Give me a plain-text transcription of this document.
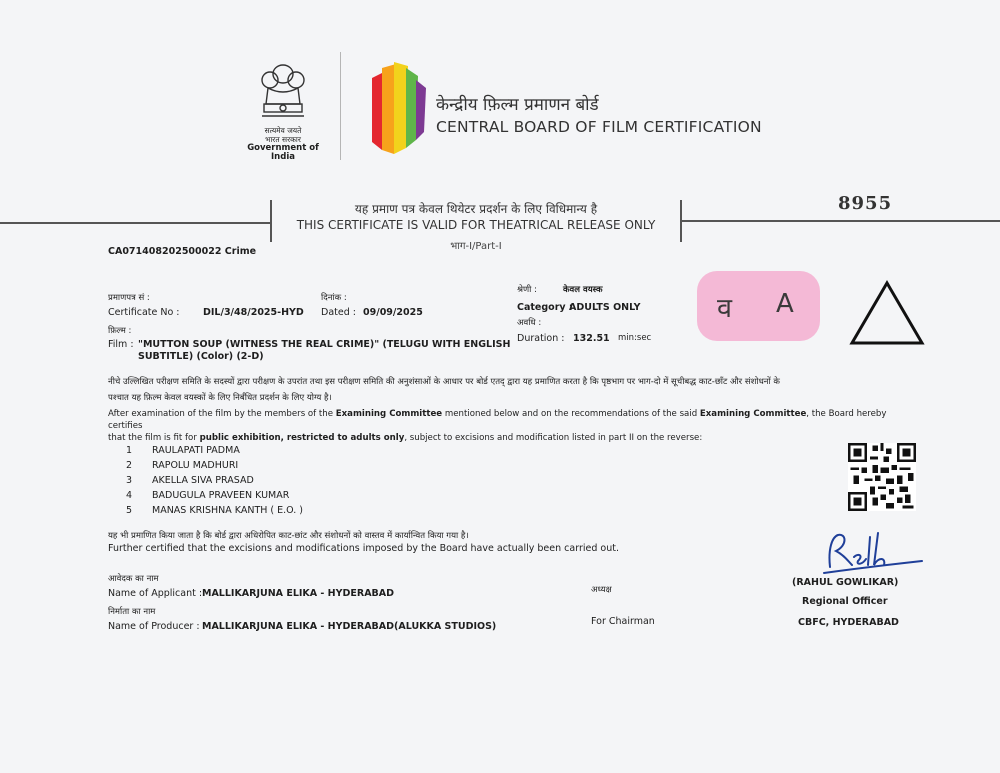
सत्यमेव जयते
भारत सरकार
Government of India
केन्द्रीय फ़िल्म प्रमाणन बोर्ड
CENTRAL BOARD OF FILM CERTIFICATION
यह प्रमाण पत्र केवल थियेटर प्रदर्शन के लिए विधिमान्य है
THIS CERTIFICATE IS VALID FOR THEATRICAL RELEASE ONLY
भाग-I/Part-I
8955
CA071408202500022 Crime
प्रमाणपत्र सं :
Certificate No : DIL/3/48/2025-HYD
दिनांक :
Dated : 09/09/2025
फ़िल्म :
Film : "MUTTON SOUP (WITNESS THE REAL CRIME)" (TELUGU WITH ENGLISH
SUBTITLE) (Color) (2-D)
श्रेणी :	केवल वयस्क
Category :
ADULTS ONLY
अवधि :
Duration : 132.51 min:sec
व A
नीचे उल्लिखित परीक्षण समिति के सदस्यों द्वारा परीक्षण के उपरांत तथा इस परीक्षण समिति की अनुशंसाओं के आधार पर बोर्ड एतद् द्वारा यह प्रमाणित करता है कि पृष्ठभाग पर भाग-दो में सूचीबद्ध काट-छाँट और संशोधनों के
पश्चात यह फ़िल्म केवल वयस्कों के लिए निर्बंधित प्रदर्शन के लिए योग्य है।
After examination of the film by the members of the Examining Committee mentioned below and on the recommendations of the said Examining Committee, the Board hereby certifies
that the film is fit for public exhibition, restricted to adults only, subject to excisions and modification listed in part II on the reverse:
1 RAULAPATI PADMA
2 RAPOLU MADHURI
3 AKELLA SIVA PRASAD
4 BADUGULA PRAVEEN KUMAR
5 MANAS KRISHNA KANTH ( E.O. )
यह भी प्रमाणित किया जाता है कि बोर्ड द्वारा अधिरोपित काट-छांट और संशोधनों को वास्तव में कार्यान्वित किया गया है।
Further certified that the excisions and modifications imposed by the Board have actually been carried out.
आवेदक का नाम
Name of Applicant : MALLIKARJUNA ELIKA - HYDERABAD
निर्माता का नाम
Name of Producer : MALLIKARJUNA ELIKA - HYDERABAD(ALUKKA STUDIOS)
अध्यक्ष
For Chairman
(RAHUL GOWLIKAR)
Regional Officer
CBFC, HYDERABAD
